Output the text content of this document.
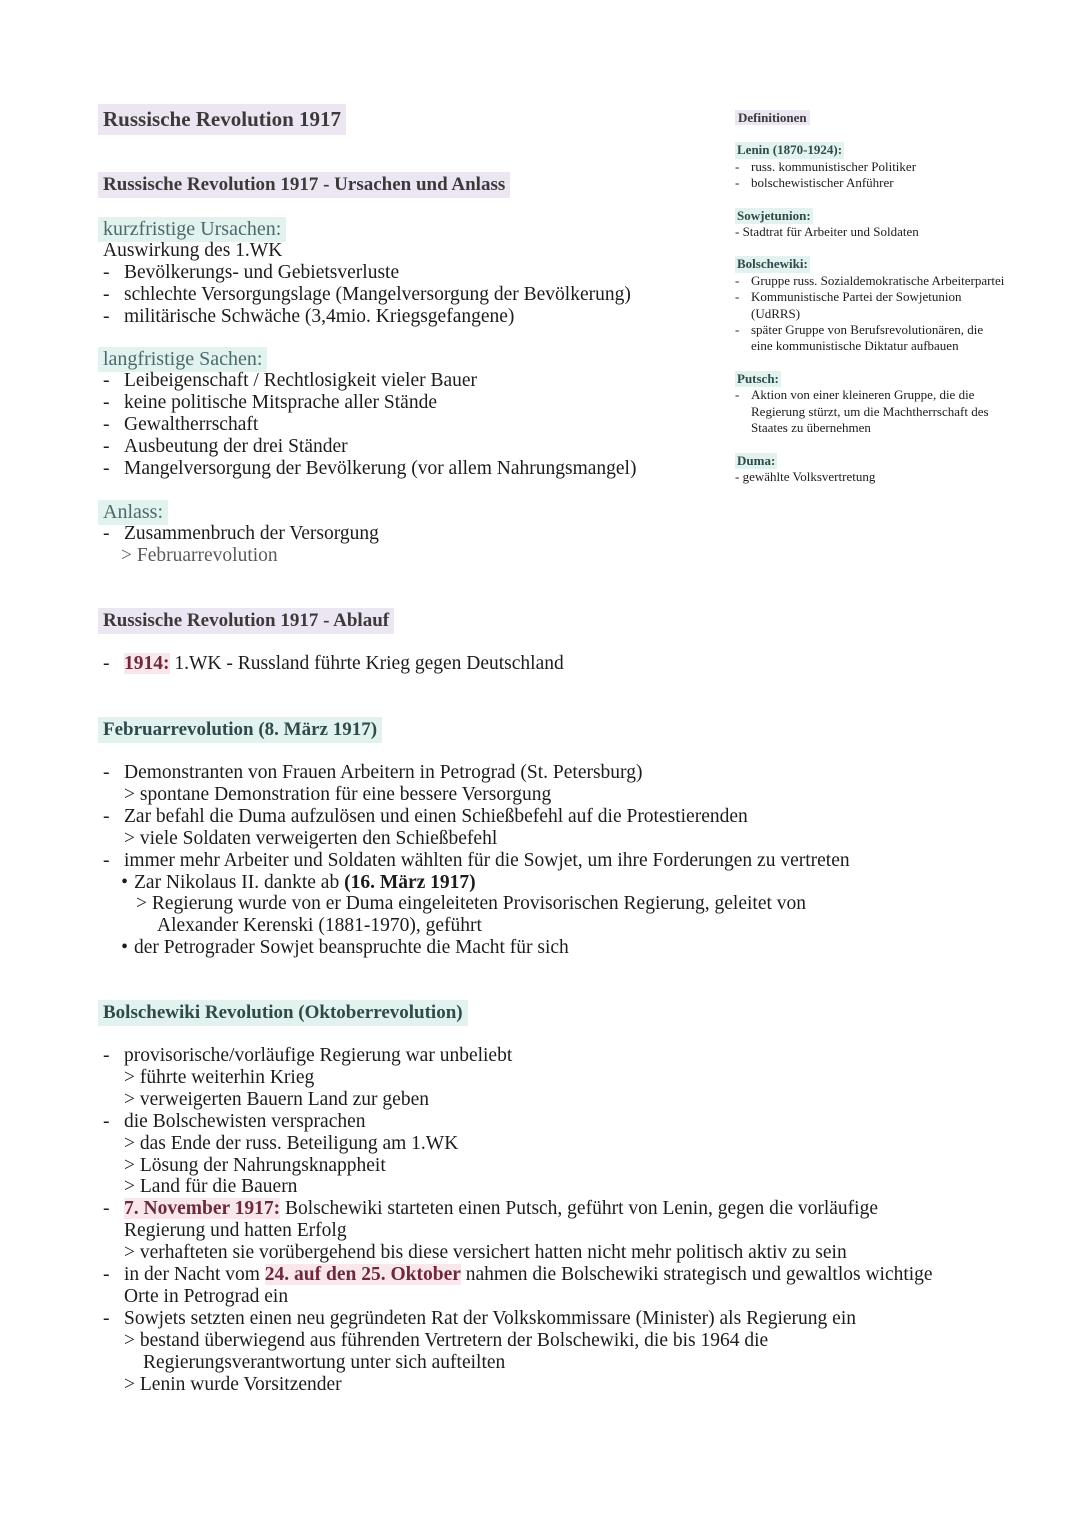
Russische Revolution 1917
Russische Revolution 1917 - Ursachen und Anlass
kurzfristige Ursachen:
Auswirkung des 1.WK
- Bevölkerungs- und Gebietsverluste
- schlechte Versorgungslage (Mangelversorgung der Bevölkerung)
- militärische Schwäche (3,4mio. Kriegsgefangene)
langfristige Sachen:
- Leibeigenschaft / Rechtlosigkeit vieler Bauer
- keine politische Mitsprache aller Stände
- Gewaltherrschaft
- Ausbeutung der drei Ständer
- Mangelversorgung der Bevölkerung (vor allem Nahrungsmangel)
Anlass:
- Zusammenbruch der Versorgung
> Februarrevolution
Russische Revolution 1917 - Ablauf
- 1914: 1.WK - Russland führte Krieg gegen Deutschland
Februarrevolution (8. März 1917)
- Demonstranten von Frauen Arbeitern in Petrograd (St. Petersburg)
> spontane Demonstration für eine bessere Versorgung
- Zar befahl die Duma aufzulösen und einen Schießbefehl auf die Protestierenden
> viele Soldaten verweigerten den Schießbefehl
- immer mehr Arbeiter und Soldaten wählten für die Sowjet, um ihre Forderungen zu vertreten
• Zar Nikolaus II. dankte ab (16. März 1917)
> Regierung wurde von er Duma eingeleiteten Provisorischen Regierung, geleitet von
Alexander Kerenski (1881-1970), geführt
• der Petrograder Sowjet beanspruchte die Macht für sich
Bolschewiki Revolution (Oktoberrevolution)
- provisorische/vorläufige Regierung war unbeliebt
> führte weiterhin Krieg
> verweigerten Bauern Land zur geben
- die Bolschewisten versprachen
> das Ende der russ. Beteiligung am 1.WK
> Lösung der Nahrungsknappheit
> Land für die Bauern
- 7. November 1917: Bolschewiki starteten einen Putsch, geführt von Lenin, gegen die vorläufige
Regierung und hatten Erfolg
> verhafteten sie vorübergehend bis diese versichert hatten nicht mehr politisch aktiv zu sein
- in der Nacht vom 24. auf den 25. Oktober nahmen die Bolschewiki strategisch und gewaltlos wichtige
Orte in Petrograd ein
- Sowjets setzten einen neu gegründeten Rat der Volkskommissare (Minister) als Regierung ein
> bestand überwiegend aus führenden Vertretern der Bolschewiki, die bis 1964 die
Regierungsverantwortung unter sich aufteilten
> Lenin wurde Vorsitzender
Definitionen
Lenin (1870-1924):
- russ. kommunistischer Politiker
- bolschewistischer Anführer
Sowjetunion:
- Stadtrat für Arbeiter und Soldaten
Bolschewiki:
- Gruppe russ. Sozialdemokratische Arbeiterpartei
- Kommunistische Partei der Sowjetunion
(UdRRS)
- später Gruppe von Berufsrevolutionären, die
eine kommunistische Diktatur aufbauen
Putsch:
- Aktion von einer kleineren Gruppe, die die
Regierung stürzt, um die Machtherrschaft des
Staates zu übernehmen
Duma:
- gewählte Volksvertretung
